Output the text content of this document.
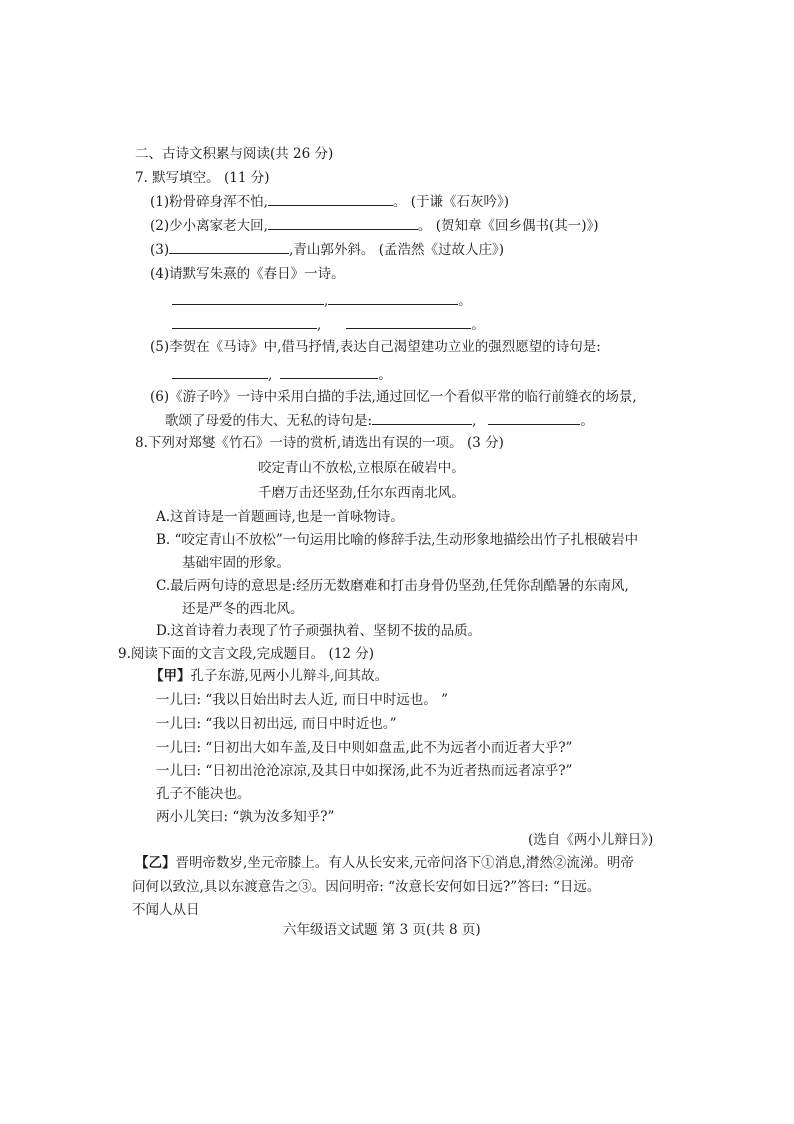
二、古诗文积累与阅读(共 26 分)
7. 默写填空。 (11 分)
(1)粉骨碎身浑不怕,	。 (于谦《石灰吟》)
(2)少小离家老大回,	。 (贺知章《回乡偶书(其一)》)
(3)	,青山郭外斜。 (孟浩然《过故人庄》)
(4)请默写朱熹的《春日》一诗。
,	。
,	。
(5)李贺在《马诗》中,借马抒情,表达自己渴望建功立业的强烈愿望的诗句是:
,	。
(6)《游子吟》一诗中采用白描的手法,通过回忆一个看似平常的临行前缝衣的场景,
歌颂了母爱的伟大、无私的诗句是:	,	。
8.下列对郑燮《竹石》一诗的赏析,请选出有误的一项。 (3 分)
咬定青山不放松,立根原在破岩中。
千磨万击还坚劲,任尔东西南北风。
A.这首诗是一首题画诗,也是一首咏物诗。
B. “咬定青山不放松”一句运用比喻的修辞手法,生动形象地描绘出竹子扎根破岩中
基础牢固的形象。
C.最后两句诗的意思是:经历无数磨难和打击身骨仍坚劲,任凭你刮酷暑的东南风,
还是严冬的西北风。
D.这首诗着力表现了竹子顽强执着、坚韧不拔的品质。
9.阅读下面的文言文段,完成题目。 (12 分)
【甲】孔子东游,见两小儿辩斗,问其故。
一儿曰: “我以日始出时去人近, 而日中时远也。 ”
一儿曰: “我以日初出远, 而日中时近也。”
一儿曰: “日初出大如车盖,及日中则如盘盂,此不为远者小而近者大乎?”
一儿曰: “日初出沧沧凉凉,及其日中如探汤,此不为近者热而远者凉乎?”
孔子不能决也。
两小儿笑曰: “孰为汝多知乎?”
(选自《两小儿辩日》)
【乙】晋明帝数岁,坐元帝膝上。有人从长安来,元帝问洛下①消息,潸然②流涕。明帝
问何以致泣,具以东渡意告之③。因问明帝: “汝意长安何如日远?”答曰: “日远。
不闻人从日
六年级语文试题 第 3 页(共 8 页)
